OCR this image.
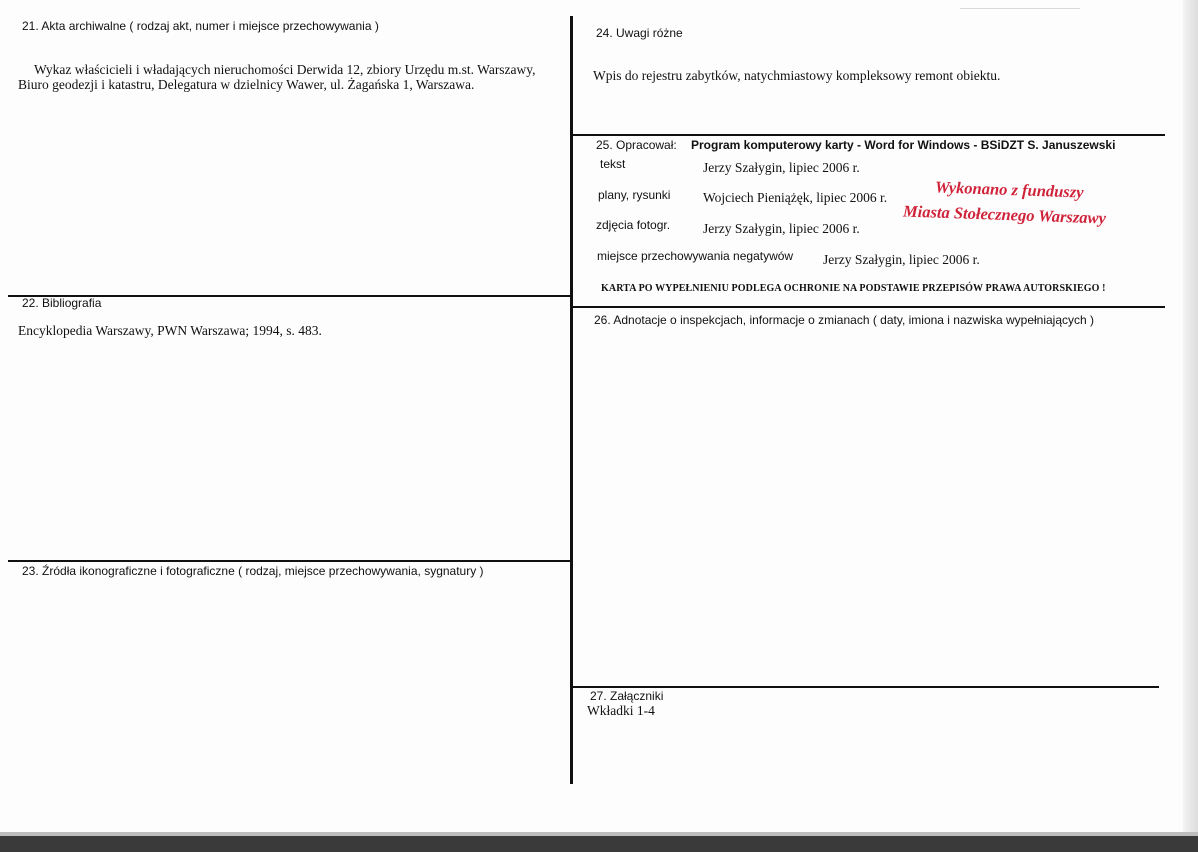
21. Akta archiwalne ( rodzaj akt, numer i miejsce przechowywania )
Wykaz właścicieli i władających nieruchomości Derwida 12, zbiory Urzędu m.st. Warszawy,
Biuro geodezji i katastru, Delegatura w dzielnicy Wawer, ul. Żagańska 1, Warszawa.
22. Bibliografia
Encyklopedia Warszawy, PWN Warszawa; 1994, s. 483.
23. Źródła ikonograficzne i fotograficzne ( rodzaj, miejsce przechowywania, sygnatury )
24. Uwagi różne
Wpis do rejestru zabytków, natychmiastowy kompleksowy remont obiektu.
25. Opracował: Program komputerowy karty - Word for Windows - BSiDZT S. Januszewski
tekst	Jerzy Szałygin, lipiec 2006 r.
plany, rysunki Wojciech Pieniążęk, lipiec 2006 r.
zdjęcia fotogr. Jerzy Szałygin, lipiec 2006 r.
miejsce przechowywania negatywów Jerzy Szałygin, lipiec 2006 r.
Wykonano z funduszy
Miasta Stołecznego Warszawy
KARTA PO WYPEŁNIENIU PODLEGA OCHRONIE NA PODSTAWIE PRZEPISÓW PRAWA AUTORSKIEGO !
26. Adnotacje o inspekcjach, informacje o zmianach ( daty, imiona i nazwiska wypełniających )
27. Załączniki
Wkładki 1-4
